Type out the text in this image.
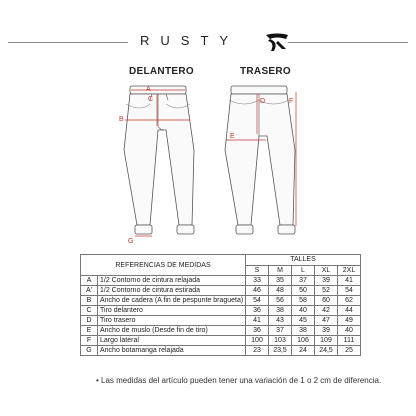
RUSTY
DELANTERO	TRASERO
A
C
B
G
D	F
E
REFERENCIAS DE MEDIDAS		TALLES				
		S	M	L	XL	2XL
A	1/2 Contorno de cintura relajada	33	35	37	39	41
A'	1/2 Contorno de cintura estirada	46	48	50	52	54
B	Ancho de cadera (A fin de pespunte bragueta)	54	56	58	60	62
C	Tiro delantero	36	38	40	42	44
D	Tiro trasero	41	43	45	47	49
E	Ancho de muslo (Desde fin de tiro)	36	37	38	39	40
F	Largo lateral	100	103	106	109	111
G	Ancho botamanga relajada	23	23,5	24	24,5	25
• Las medidas del artículo pueden tener una variación de 1 o 2 cm de diferencia.
